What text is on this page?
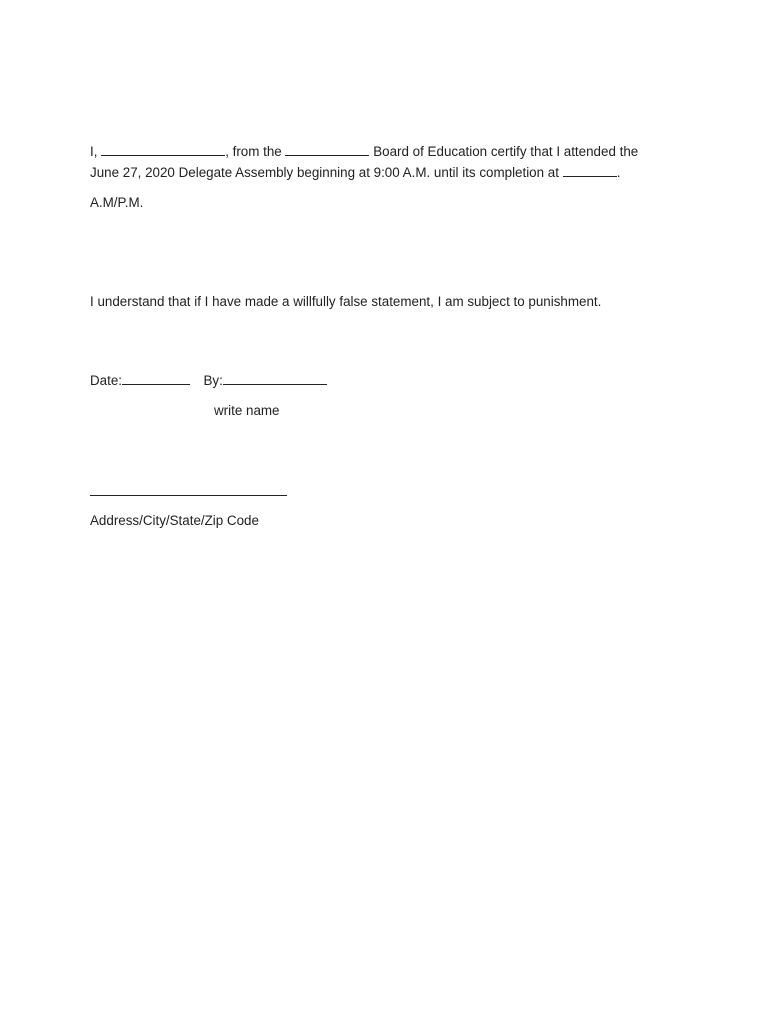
I,	, from the	Board of Education certify that I attended the
June 27, 2020 Delegate Assembly beginning at 9:00 A.M. until its completion at	.
A.M/P.M.
I understand that if I have made a willfully false statement, I am subject to punishment.
Date:	By:
write name
Address/City/State/Zip Code
